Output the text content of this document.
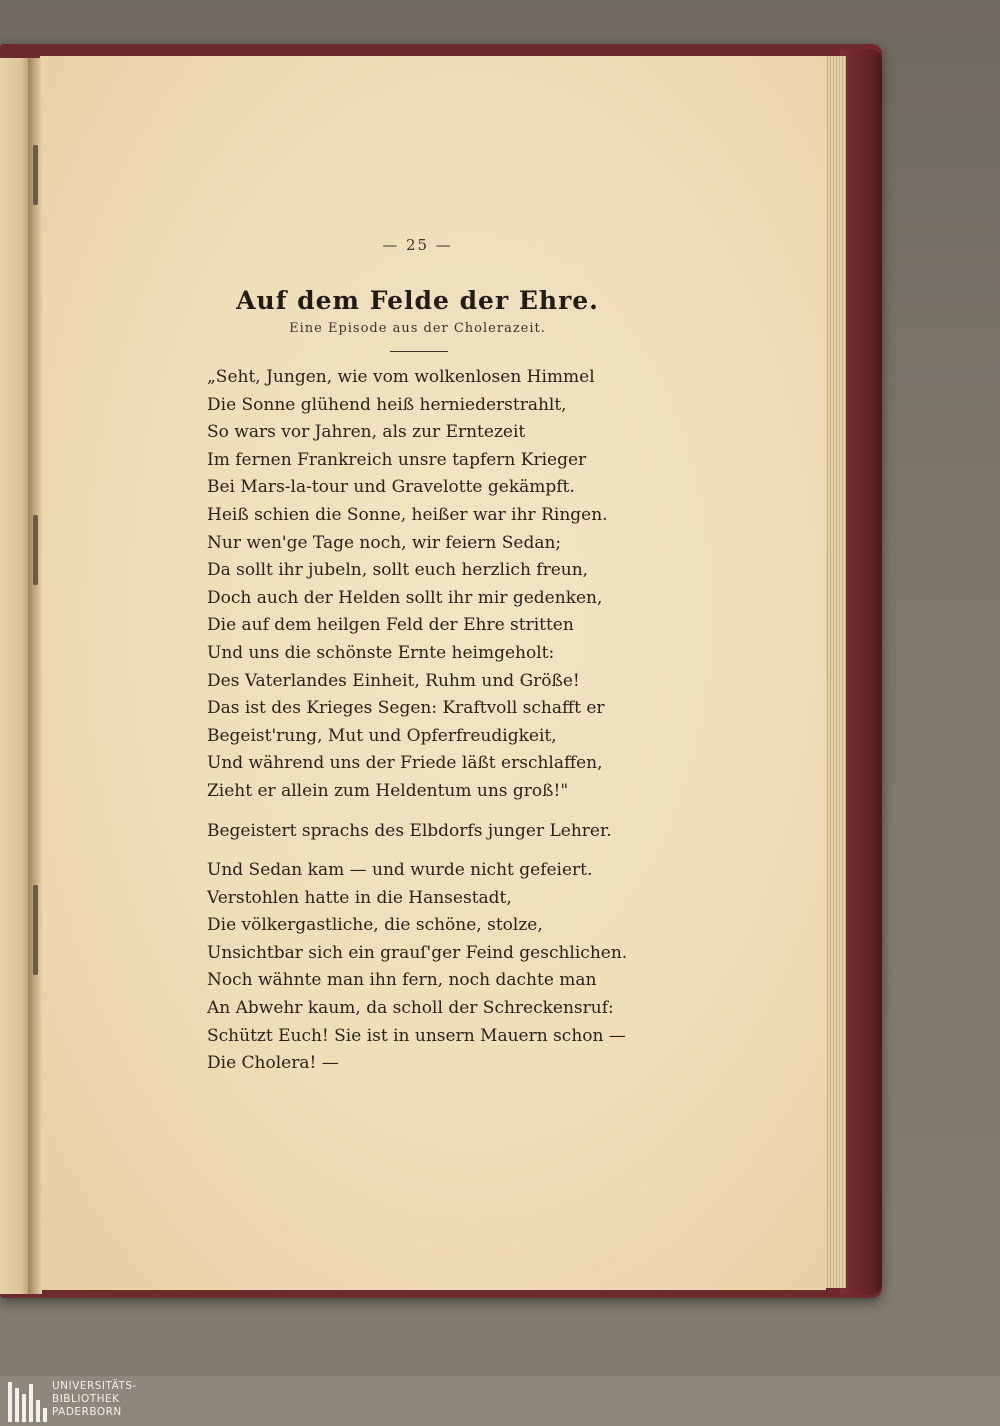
— 25 —
Auf dem Felde der Ehre.
Eine Episode aus der Cholerazeit.
„Seht, Jungen, wie vom wolkenlosen Himmel
Die Sonne glühend heiß herniederstrahlt,
So wars vor Jahren, als zur Erntezeit
Im fernen Frankreich unsre tapfern Krieger
Bei Mars-la-tour und Gravelotte gekämpft.
Heiß schien die Sonne, heißer war ihr Ringen.
Nur wen'ge Tage noch, wir feiern Sedan;
Da sollt ihr jubeln, sollt euch herzlich freun,
Doch auch der Helden sollt ihr mir gedenken,
Die auf dem heilgen Feld der Ehre stritten
Und uns die schönste Ernte heimgeholt:
Des Vaterlandes Einheit, Ruhm und Größe!
Das ist des Krieges Segen: Kraftvoll schafft er
Begeist'rung, Mut und Opferfreudigkeit,
Und während uns der Friede läßt erschlaffen,
Zieht er allein zum Heldentum uns groß!"
Begeistert sprachs des Elbdorfs junger Lehrer.
Und Sedan kam — und wurde nicht gefeiert.
Verstohlen hatte in die Hansestadt,
Die völkergastliche, die schöne, stolze,
Unsichtbar sich ein grauſ'ger Feind geschlichen.
Noch wähnte man ihn fern, noch dachte man
An Abwehr kaum, da scholl der Schreckensruf:
Schützt Euch! Sie ist in unsern Mauern schon —
Die Cholera! —
UNIVERSITÄTS-
BIBLIOTHEK
PADERBORN
